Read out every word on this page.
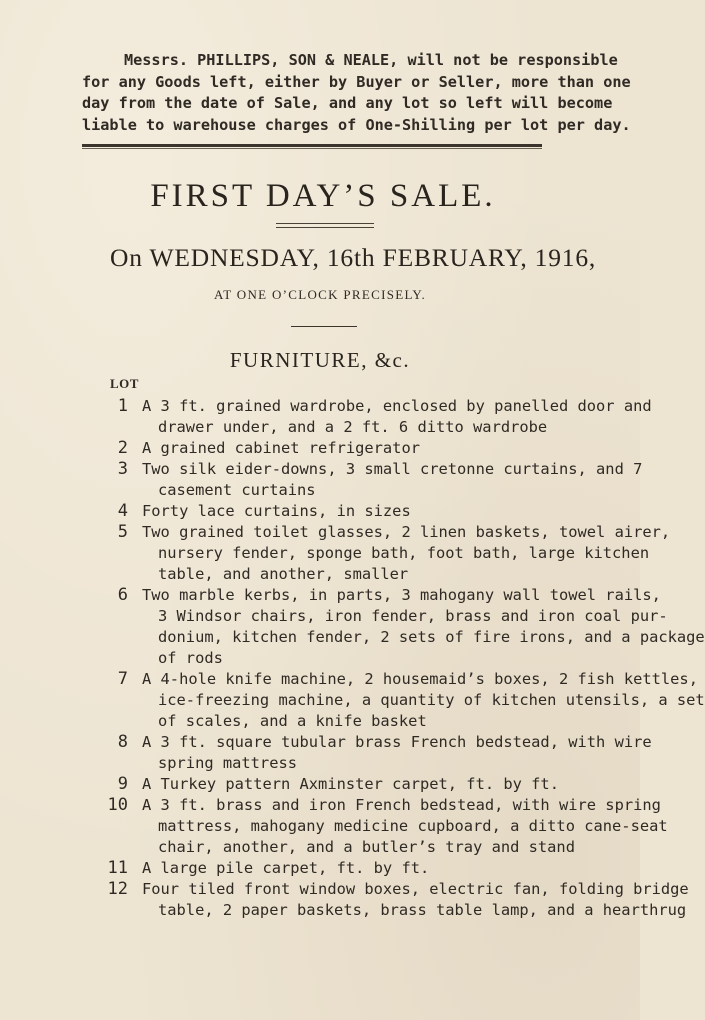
Messrs. PHILLIPS, SON & NEALE, will not be responsible
for any Goods left, either by Buyer or Seller, more than one
day from the date of Sale, and any lot so left will become
liable to warehouse charges of One-Shilling per lot per day.
FIRST DAY’S SALE.
On WEDNESDAY, 16th FEBRUARY, 1916,
AT ONE O’CLOCK PRECISELY.
FURNITURE, &c.
LOT
1 A 3 ft. grained wardrobe, enclosed by panelled door and
drawer under, and a 2 ft. 6 ditto wardrobe
2 A grained cabinet refrigerator
3 Two silk eider-downs, 3 small cretonne curtains, and 7
casement curtains
4 Forty lace curtains, in sizes
5 Two grained toilet glasses, 2 linen baskets, towel airer,
nursery fender, sponge bath, foot bath, large kitchen
table, and another, smaller
6 Two marble kerbs, in parts, 3 mahogany wall towel rails,
3 Windsor chairs, iron fender, brass and iron coal pur-
donium, kitchen fender, 2 sets of fire irons, and a package
of rods
7 A 4-hole knife machine, 2 housemaid’s boxes, 2 fish kettles,
ice-freezing machine, a quantity of kitchen utensils, a set
of scales, and a knife basket
8 A 3 ft. square tubular brass French bedstead, with wire
spring mattress
9 A Turkey pattern Axminster carpet, ft. by ft.
10 A 3 ft. brass and iron French bedstead, with wire spring
mattress, mahogany medicine cupboard, a ditto cane-seat
chair, another, and a butler’s tray and stand
11 A large pile carpet, ft. by ft.
12 Four tiled front window boxes, electric fan, folding bridge
table, 2 paper baskets, brass table lamp, and a hearthrug
